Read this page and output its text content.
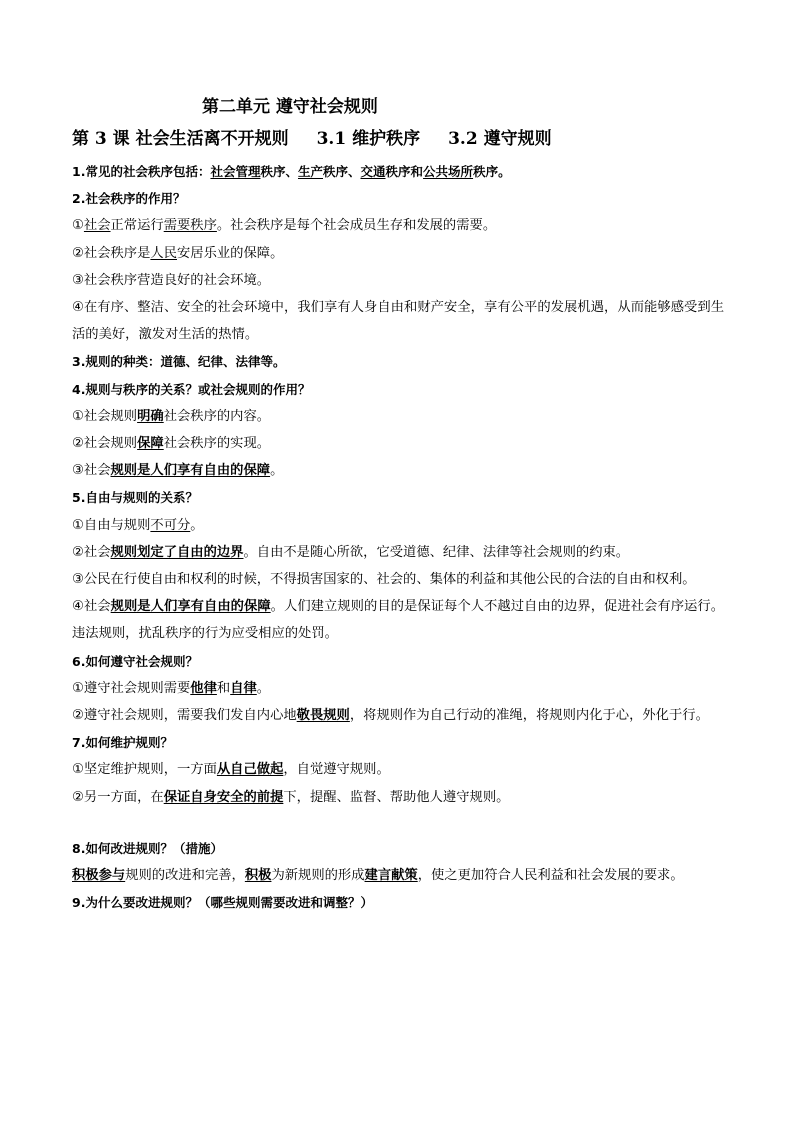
第二单元 遵守社会规则

第 3 课 社会生活离不开规则 3.1 维护秩序 3.2 遵守规则

1.常见的社会秩序包括：社会管理秩序、生产秩序、交通秩序和公共场所秩序。

2.社会秩序的作用？

①社会正常运行需要秩序。社会秩序是每个社会成员生存和发展的需要。

②社会秩序是人民安居乐业的保障。

③社会秩序营造良好的社会环境。

④在有序、整洁、安全的社会环境中，我们享有人身自由和财产安全，享有公平的发展机遇，从而能够感受到生活的美好，激发对生活的热情。

3.规则的种类：道德、纪律、法律等。

4.规则与秩序的关系？或社会规则的作用？

①社会规则明确社会秩序的内容。

②社会规则保障社会秩序的实现。

③社会规则是人们享有自由的保障。

5.自由与规则的关系？

①自由与规则不可分。

②社会规则划定了自由的边界。自由不是随心所欲，它受道德、纪律、法律等社会规则的约束。

③公民在行使自由和权利的时候，不得损害国家的、社会的、集体的利益和其他公民的合法的自由和权利。

④社会规则是人们享有自由的保障。人们建立规则的目的是保证每个人不越过自由的边界，促进社会有序运行。违法规则，扰乱秩序的行为应受相应的处罚。

6.如何遵守社会规则？

①遵守社会规则需要他律和自律。

②遵守社会规则，需要我们发自内心地敬畏规则，将规则作为自己行动的准绳，将规则内化于心，外化于行。

7.如何维护规则？

①坚定维护规则，一方面从自己做起，自觉遵守规则。

②另一方面，在保证自身安全的前提下，提醒、监督、帮助他人遵守规则。

8.如何改进规则？（措施）

积极参与规则的改进和完善，积极为新规则的形成建言献策，使之更加符合人民利益和社会发展的要求。

9.为什么要改进规则？（哪些规则需要改进和调整？）
